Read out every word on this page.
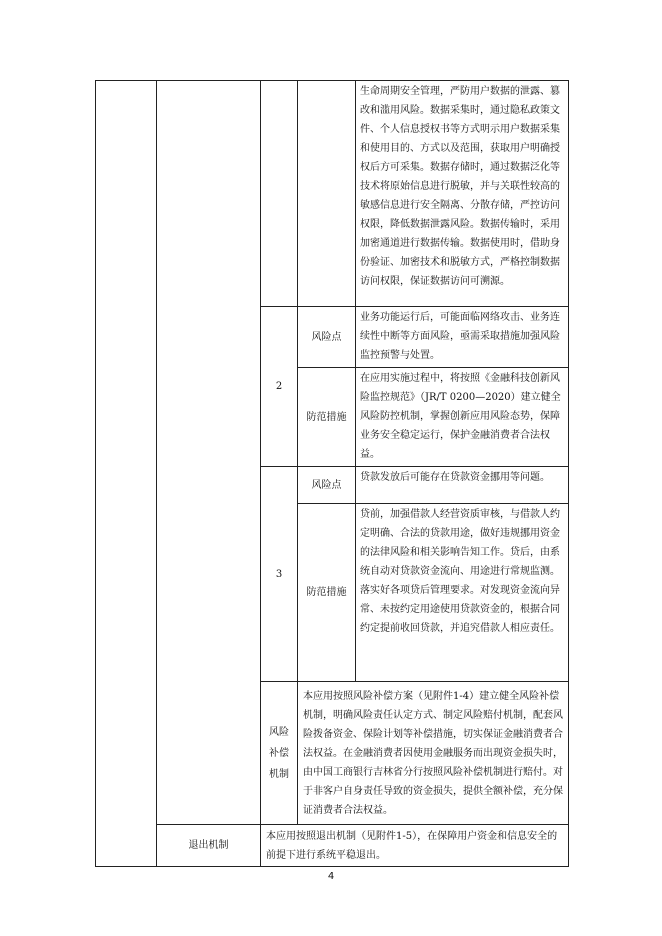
				生命周期安全管理，严防用户数据的泄露、篡改和滥用风险。数据采集时，通过隐私政策文件、个人信息授权书等方式明示用户数据采集和使用目的、方式以及范围，获取用户明确授权后方可采集。数据存储时，通过数据泛化等技术将原始信息进行脱敏，并与关联性较高的敏感信息进行安全隔离、分散存储，严控访问权限，降低数据泄露风险。数据传输时，采用加密通道进行数据传输。数据使用时，借助身份验证、加密技术和脱敏方式，严格控制数据访问权限，保证数据访问可溯源。
		2	风险点	业务功能运行后，可能面临网络攻击、业务连续性中断等方面风险，亟需采取措施加强风险监控预警与处置。
			防范措施	在应用实施过程中，将按照《金融科技创新风险监控规范》（JR/T 0200—2020）建立健全风险防控机制，掌握创新应用风险态势，保障业务安全稳定运行，保护金融消费者合法权益。
		3	风险点	贷款发放后可能存在贷款资金挪用等问题。
			防范措施	贷前，加强借款人经营资质审核，与借款人约定明确、合法的贷款用途，做好违规挪用资金的法律风险和相关影响告知工作。贷后，由系统自动对贷款资金流向、用途进行常规监测。落实好各项贷后管理要求。对发现资金流向异常、未按约定用途使用贷款资金的，根据合同约定提前收回贷款，并追究借款人相应责任。
		风险补偿机制	本应用按照风险补偿方案（见附件1-4）建立健全风险补偿机制，明确风险责任认定方式、制定风险赔付机制，配套风险拨备资金、保险计划等补偿措施，切实保证金融消费者合法权益。在金融消费者因使用金融服务而出现资金损失时，由中国工商银行吉林省分行按照风险补偿机制进行赔付。对于非客户自身责任导致的资金损失，提供全额补偿，充分保证消费者合法权益。	
	退出机制	本应用按照退出机制（见附件1-5），在保障用户资金和信息安全的前提下进行系统平稳退出。		
4
